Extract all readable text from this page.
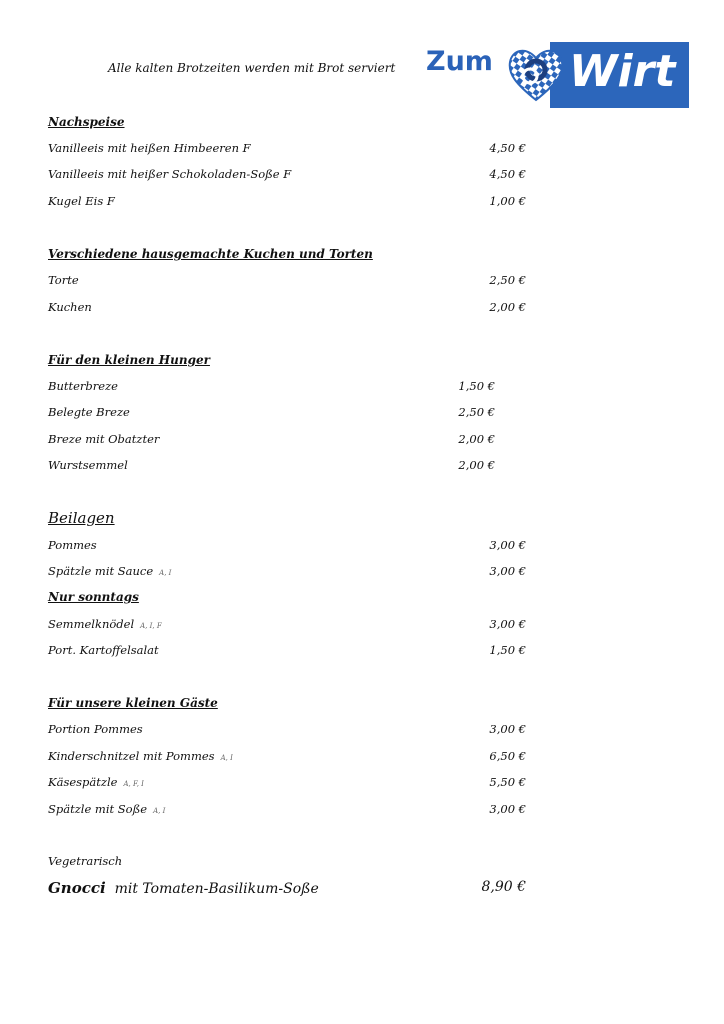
Alle kalten Brotzeiten werden mit Brot serviert Zum Wirt
Nachspeise
Vanilleeis mit heißen Himbeeren F	4,50 €
Vanilleeis mit heißer Schokoladen-Soße F	4,50 €
Kugel Eis F	1,00 €
Verschiedene hausgemachte Kuchen und Torten
Torte	2,50 €
Kuchen	2,00 €
Für den kleinen Hunger
Butterbreze	1,50 €
Belegte Breze	2,50 €
Breze mit Obatzter	2,00 €
Wurstsemmel	2,00 €
Beilagen
Pommes	3,00 €
Spätzle mit Sauce A, I	3,00 €
Nur sonntags
Semmelknödel A, I, F	3,00 €
Port. Kartoffelsalat	1,50 €
Für unsere kleinen Gäste
Portion Pommes	3,00 €
Kinderschnitzel mit Pommes A, I	6,50 €
Käsespätzle A, F, I	5,50 €
Spätzle mit Soße A, I	3,00 €
Vegetrarisch
Gnocci mit Tomaten-Basilikum-Soße	8,90 €
